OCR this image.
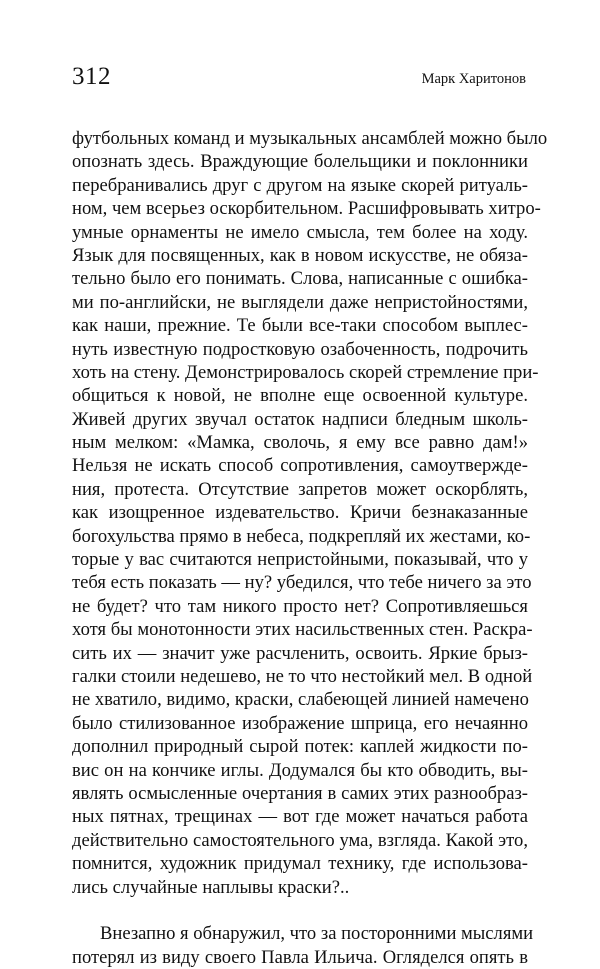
312	Марк Харитонов
футбольных команд и музыкальных ансамблей можно было
опознать здесь. Враждующие болельщики и поклонники
перебранивались друг с другом на языке скорей ритуаль-
ном, чем всерьез оскорбительном. Расшифровывать хитро-
умные орнаменты не имело смысла, тем более на ходу.
Язык для посвященных, как в новом искусстве, не обяза-
тельно было его понимать. Слова, написанные с ошибка-
ми по-английски, не выглядели даже непристойностями,
как наши, прежние. Те были все-таки способом выплес-
нуть известную подростковую озабоченность, подрочить
хоть на стену. Демонстрировалось скорей стремление при-
общиться к новой, не вполне еще освоенной культуре.
Живей других звучал остаток надписи бледным школь-
ным мелком: «Мамка, сволочь, я ему все равно дам!»
Нельзя не искать способ сопротивления, самоутвержде-
ния, протеста. Отсутствие запретов может оскорблять,
как изощренное издевательство. Кричи безнаказанные
богохульства прямо в небеса, подкрепляй их жестами, ко-
торые у вас считаются непристойными, показывай, что у
тебя есть показать — ну? убедился, что тебе ничего за это
не будет? что там никого просто нет? Сопротивляешься
хотя бы монотонности этих насильственных стен. Раскра-
сить их — значит уже расчленить, освоить. Яркие брыз-
галки стоили недешево, не то что нестойкий мел. В одной
не хватило, видимо, краски, слабеющей линией намечено
было стилизованное изображение шприца, его нечаянно
дополнил природный сырой потек: каплей жидкости по-
вис он на кончике иглы. Додумался бы кто обводить, вы-
являть осмысленные очертания в самих этих разнообраз-
ных пятнах, трещинах — вот где может начаться работа
действительно самостоятельного ума, взгляда. Какой это,
помнится, художник придумал технику, где использова-
лись случайные наплывы краски?..
Внезапно я обнаружил, что за посторонними мыслями
потерял из виду своего Павла Ильича. Огляделся опять в
